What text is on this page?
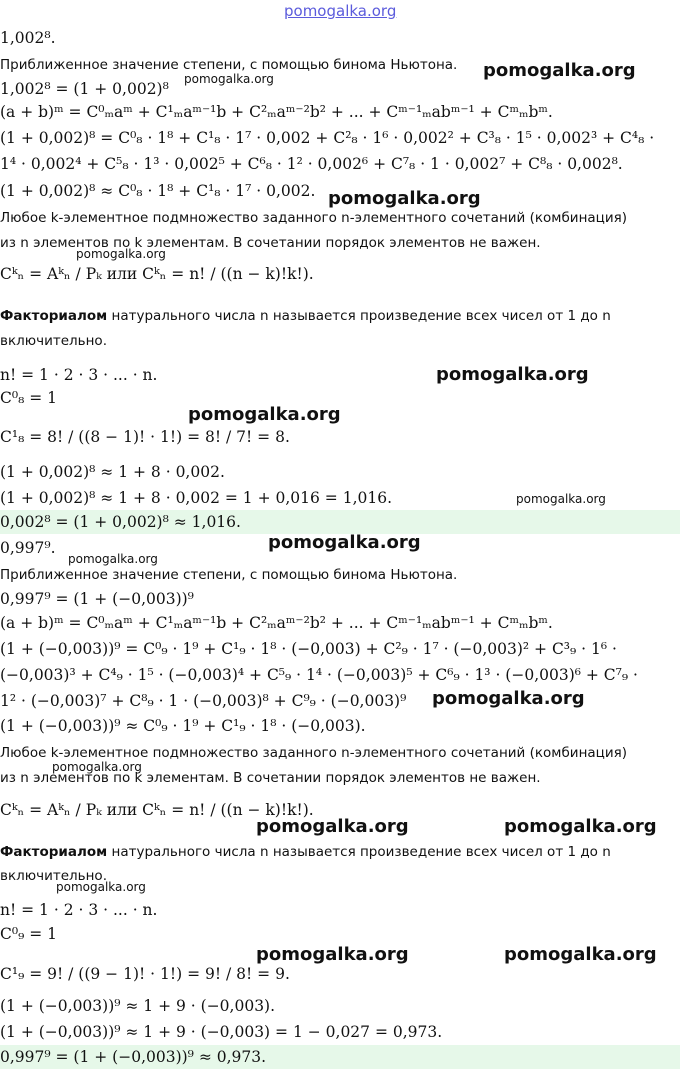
1,002⁸.
Приближенное значение степени, с помощью бинома Ньютона.
1,002⁸ = (1 + 0,002)⁸
(a + b)ᵐ = C⁰ₘaᵐ + C¹ₘaᵐ⁻¹b + C²ₘaᵐ⁻²b² + ... + Cᵐ⁻¹ₘabᵐ⁻¹ + Cᵐₘbᵐ.
(1 + 0,002)⁸ = C⁰₈ · 1⁸ + C¹₈ · 1⁷ · 0,002 + C²₈ · 1⁶ · 0,002² + C³₈ · 1⁵ · 0,002³ + C⁴₈ ·
1⁴ · 0,002⁴ + C⁵₈ · 1³ · 0,002⁵ + C⁶₈ · 1² · 0,002⁶ + C⁷₈ · 1 · 0,002⁷ + C⁸₈ · 0,002⁸.
(1 + 0,002)⁸ ≈ C⁰₈ · 1⁸ + C¹₈ · 1⁷ · 0,002.
Любое k-элементное подмножество заданного n-элементного сочетаний (комбинация)
из n элементов по k элементам. В сочетании порядок элементов не важен.
Cᵏₙ = Aᵏₙ / Pₖ или Cᵏₙ = n! / ((n − k)!k!).
Факториалом натурального числа n называется произведение всех чисел от 1 до n
включительно.
n! = 1 · 2 · 3 · ... · n.
C⁰₈ = 1
C¹₈ = 8! / ((8 − 1)! · 1!) = 8! / 7! = 8.
(1 + 0,002)⁸ ≈ 1 + 8 · 0,002.
(1 + 0,002)⁸ ≈ 1 + 8 · 0,002 = 1 + 0,016 = 1,016.
0,002⁸ = (1 + 0,002)⁸ ≈ 1,016.
0,997⁹.
Приближенное значение степени, с помощью бинома Ньютона.
0,997⁹ = (1 + (−0,003))⁹
(a + b)ᵐ = C⁰ₘaᵐ + C¹ₘaᵐ⁻¹b + C²ₘaᵐ⁻²b² + ... + Cᵐ⁻¹ₘabᵐ⁻¹ + Cᵐₘbᵐ.
(1 + (−0,003))⁹ = C⁰₉ · 1⁹ + C¹₉ · 1⁸ · (−0,003) + C²₉ · 1⁷ · (−0,003)² + C³₉ · 1⁶ ·
(−0,003)³ + C⁴₉ · 1⁵ · (−0,003)⁴ + C⁵₉ · 1⁴ · (−0,003)⁵ + C⁶₉ · 1³ · (−0,003)⁶ + C⁷₉ ·
1² · (−0,003)⁷ + C⁸₉ · 1 · (−0,003)⁸ + C⁹₉ · (−0,003)⁹
(1 + (−0,003))⁹ ≈ C⁰₉ · 1⁹ + C¹₉ · 1⁸ · (−0,003).
Любое k-элементное подмножество заданного n-элементного сочетаний (комбинация)
из n элементов по k элементам. В сочетании порядок элементов не важен.
Cᵏₙ = Aᵏₙ / Pₖ или Cᵏₙ = n! / ((n − k)!k!).
Факториалом натурального числа n называется произведение всех чисел от 1 до n
включительно.
n! = 1 · 2 · 3 · ... · n.
C⁰₉ = 1
C¹₉ = 9! / ((9 − 1)! · 1!) = 9! / 8! = 9.
(1 + (−0,003))⁹ ≈ 1 + 9 · (−0,003).
(1 + (−0,003))⁹ ≈ 1 + 9 · (−0,003) = 1 − 0,027 = 0,973.
0,997⁹ = (1 + (−0,003))⁹ ≈ 0,973.
pomogalka.org
pomogalka.org
pomogalka.org
pomogalka.org
pomogalka.org
pomogalka.org
pomogalka.org
pomogalka.org
pomogalka.org
pomogalka.org
pomogalka.org
pomogalka.org
pomogalka.org	pomogalka.org
pomogalka.org
pomogalka.org	pomogalka.org
